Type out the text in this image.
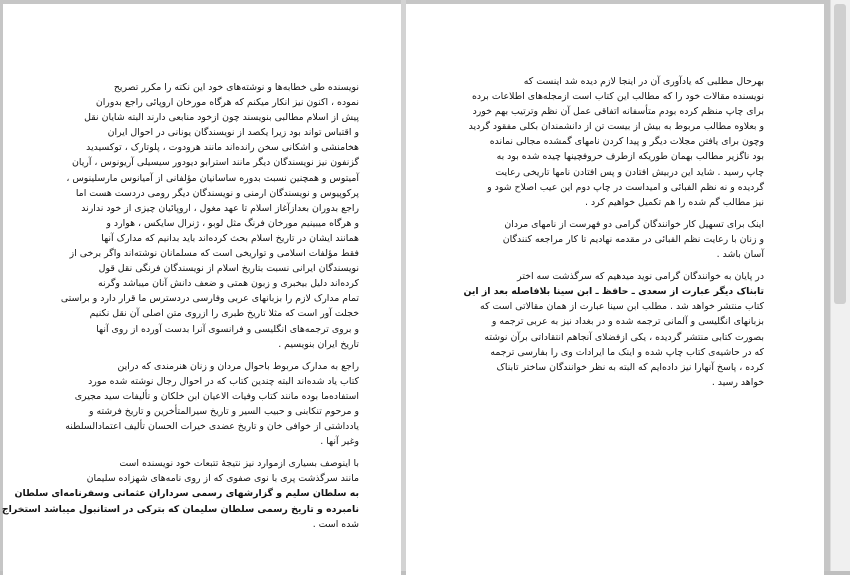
نویسنده طی خطابه‌ها و نوشته‌های خود این نکته را مکرر تصریح
نموده ، اکنون نیز انکار میکنم که هرگاه مورخان اروپائی راجع بدوران
پیش از اسلام مطالبی بنویسند چون ازخود منابعی دارند البته شایان نقل
و اقتباس تواند بود زیرا یکصد از نویسندگان یونانی در احوال ایران
هخامنشی و اشکانی سخن رانده‌اند مانند هرودوت ، پلوتارک ، توکسیدید
گزنفون نیز نویسندگان دیگر مانند استرابو دیودور سیسیلی آریونوس ، آریان
آمیتوس و همچنین نسبت بدوره ساسانیان مؤلفانی از آمیانوس مارسلینوس ،
پرکوپیوس و نویسندگان ارمنی و نویسندگان دیگر رومی دردست هست اما
راجع بدوران بعدازآغاز اسلام تا عهد مغول ، اروپائیان چیزی از خود ندارند
و هرگاه میبینیم مورخان فرنگ مثل لوبو ، ژنرال سایکس ، هوارد و
همانند ایشان در تاریخ اسلام بحث کرده‌اند باید بدانیم که مدارک آنها
فقط مؤلفات اسلامی و تواریخی است که مسلمانان نوشته‌اند واگر برخی از
نویسندگان ایرانی نسبت بتاریخ اسلام از نویسندگان فرنگی نقل قول
کرده‌اند دلیل بیخبری و زبون همتی و ضعف دانش آنان میباشد وگرنه
تمام مدارک لازم را بزبانهای عربی وفارسی دردسترس ما قرار دارد و براستی
خجلت آور است که مثلا تاریخ طبری را ازروی متن اصلی آن نقل نکنیم
و بروی ترجمه‌های انگلیسی و فرانسوی آنرا بدست آورده از روی آنها
تاریخ ایران بنویسیم .

راجع به مدارک مربوط باحوال مردان و زنان هنرمندی که دراین
کتاب یاد شده‌اند البته چندین کتاب که در احوال رجال نوشته شده مورد
استفاده‌ما بوده مانند کتاب وفیات الاعیان ابن خلکان و تألیفات سید مجیری
و مرحوم تنکابنی و حبیب السیر و تاریخ سیرالمتأخرین و تاریخ فرشته و
یادداشتی از خوافی خان و تاریخ عضدی خیرات الحسان تألیف اعتمادالسلطنه
وغیر آنها .

با اینوصف بسیاری ازموارد نیز نتیجهٔ تتبعات خود نویسنده است
مانند سرگذشت پری با نوی صفوی که از روی نامه‌های شهزاده سلیمان
به سلطان سلیم و گزارشهای رسمی سرداران عثمانی وسفرنامه‌ای سلطان
نامبرده و تاریخ رسمی سلطان سلیمان که بترکی در استانبول میباشد استخراج
شده است .

بهرحال مطلبی که یادآوری آن در اینجا لازم دیده شد اینست که
نویسنده مقالات خود را که مطالب این کتاب است ازمجله‌های اطلاعات برده
برای چاپ منظم کرده بودم متأسفانه اتفاقی عمل آن نظم وترتیب بهم خورد
و بعلاوه مطالب مربوط به بیش از بیست تن از دانشمندان بکلی مفقود گردید
وچون برای یافتن مجلات دیگر و پیدا کردن نامهای گمشده مجالی نمانده
بود ناگزیر مطالب بهمان طوریکه ازطرف حروفچینها چیده شده بود به
چاپ رسید . شاید این دربیش افتادن و پس افتادن نامها تاریخی رعایت
گردیده و نه نظم الفبائی و امیداست در چاپ دوم این عیب اصلاح شود و
نیز مطالب گم شده را هم تکمیل خواهیم کرد .

اینک برای تسهیل کار خوانندگان گرامی دو فهرست از نامهای مردان
و زنان با رعایت نظم الفبائی در مقدمه نهادیم تا کار مراجعه کنندگان
آسان باشد .

در پایان به خوانندگان گرامی نوید میدهیم که سرگذشت سه اختر
تابناک دیگر عبارت از سعدی ـ حافظ ـ ابن سینا بلافاصله بعد از این
کتاب منتشر خواهد شد . مطلب ابن سینا عبارت از همان مقالاتی است که
بزبانهای انگلیسی و آلمانی ترجمه شده و در بغداد نیز به عربی ترجمه و
بصورت کتابی منتشر گردیده ، یکی ازفضلای آنجاهم انتقاداتی برآن نوشته
که در حاشیه‌ی کتاب چاپ شده و اینک ما ایرادات وی را بفارسی ترجمه
کرده ، پاسخ آنهارا نیز داده‌ایم که البته به نظر خوانندگان ساختر تابناک
خواهد رسید .
